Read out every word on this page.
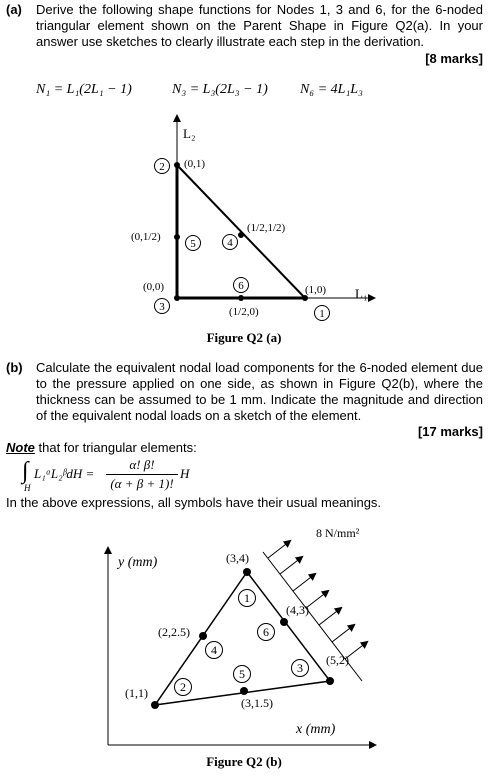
(a) Derive the following shape functions for Nodes 1, 3 and 6, for the 6-noded triangular element shown on the Parent Shape in Figure Q2(a). In your answer use sketches to clearly illustrate each step in the derivation.
[8 marks]
N₁ = L₁(2L₁ − 1)	N₃ = L₃(2L₃ − 1) N₆ = 4L₁L₃
L₂
L₁
(0,1)
(1/2,1/2)
(0,1/2)
(0,0)
(1/2,0)
(1,0)
2
5	4
6
3
1
Figure Q2 (a)
(b) Calculate the equivalent nodal load components for the 6-noded element due to the pressure applied on one side, as shown in Figure Q2(b), where the thickness can be assumed to be 1 mm. Indicate the magnitude and direction of the equivalent nodal loads on a sketch of the element.
[17 marks]
Note that for triangular elements:
∫
H
L₁ᵅL₂ᵝdH =
α! β!
(α + β + 1)!
H
In the above expressions, all symbols have their usual meanings.
y (mm)
x (mm)
8 N/mm²
(3,4)
(4,3)
(2,2.5)
(5,2)
(1,1)
(3,1.5)
1
6
4
5	3
2
Figure Q2 (b)
